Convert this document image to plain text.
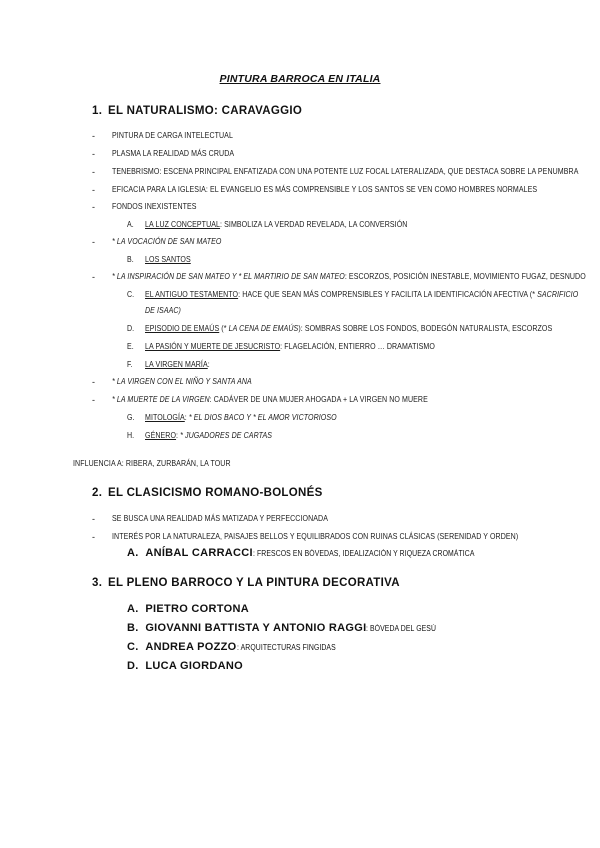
PINTURA BARROCA EN ITALIA
1. EL NATURALISMO: CARAVAGGIO
- PINTURA DE CARGA INTELECTUAL
- PLASMA LA REALIDAD MÁS CRUDA
- TENEBRISMO: ESCENA PRINCIPAL ENFATIZADA CON UNA POTENTE LUZ FOCAL LATERALIZADA, QUE DESTACA SOBRE LA PENUMBRA
- EFICACIA PARA LA IGLESIA: EL EVANGELIO ES MÁS COMPRENSIBLE Y LOS SANTOS SE VEN COMO HOMBRES NORMALES
- FONDOS INEXISTENTES
A. LA LUZ CONCEPTUAL: SIMBOLIZA LA VERDAD REVELADA, LA CONVERSIÓN
- * LA VOCACIÓN DE SAN MATEO
B. LOS SANTOS
- * LA INSPIRACIÓN DE SAN MATEO Y * EL MARTIRIO DE SAN MATEO: ESCORZOS, POSICIÓN INESTABLE, MOVIMIENTO FUGAZ, DESNUDO
C. EL ANTIGUO TESTAMENTO: HACE QUE SEAN MÁS COMPRENSIBLES Y FACILITA LA IDENTIFICACIÓN AFECTIVA (* SACRIFICIO
DE ISAAC)
D. EPISODIO DE EMAÚS (* LA CENA DE EMAÚS): SOMBRAS SOBRE LOS FONDOS, BODEGÓN NATURALISTA, ESCORZOS
E. LA PASIÓN Y MUERTE DE JESUCRISTO: FLAGELACIÓN, ENTIERRO … DRAMATISMO
F. LA VIRGEN MARÍA:
- * LA VIRGEN CON EL NIÑO Y SANTA ANA
- * LA MUERTE DE LA VIRGEN: CADÁVER DE UNA MUJER AHOGADA + LA VIRGEN NO MUERE
G. MITOLOGÍA: * EL DIOS BACO Y * EL AMOR VICTORIOSO
H. GÉNERO: * JUGADORES DE CARTAS
INFLUENCIA A: RIBERA, ZURBARÁN, LA TOUR
2. EL CLASICISMO ROMANO-BOLONÉS
- SE BUSCA UNA REALIDAD MÁS MATIZADA Y PERFECCIONADA
- INTERÉS POR LA NATURALEZA, PAISAJES BELLOS Y EQUILIBRADOS CON RUINAS CLÁSICAS (SERENIDAD Y ORDEN)
A. ANÍBAL CARRACCI: FRESCOS EN BÓVEDAS, IDEALIZACIÓN Y RIQUEZA CROMÁTICA
3. EL PLENO BARROCO Y LA PINTURA DECORATIVA
A. PIETRO CORTONA
B. GIOVANNI BATTISTA Y ANTONIO RAGGI: BÓVEDA DEL GESÚ
C. ANDREA POZZO: ARQUITECTURAS FINGIDAS
D. LUCA GIORDANO
